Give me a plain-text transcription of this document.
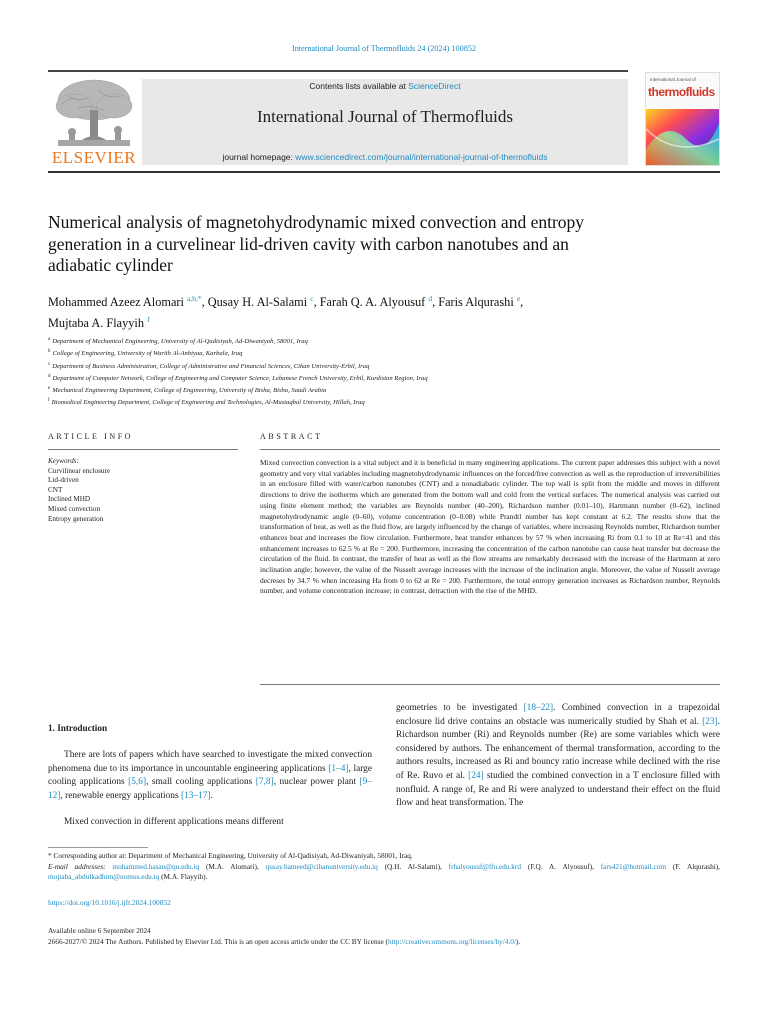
International Journal of Thermofluids 24 (2024) 100852
ELSEVIER
Contents lists available at ScienceDirect
International Journal of Thermofluids
journal homepage: www.sciencedirect.com/journal/international-journal-of-thermofluids
International Journal of
thermofluids
Numerical analysis of magnetohydrodynamic mixed convection and entropy generation in a curvelinear lid-driven cavity with carbon nanotubes and an adiabatic cylinder
Mohammed Azeez Alomari $^{a,b,*}$, Qusay H. Al-Salami $^c$, Farah Q. A. Alyousuf $^d$, Faris Alqurashi $^e$,
Mujtaba A. Flayyih $^f$
$^a$ Department of Mechanical Engineering, University of Al-Qadisiyah, Ad-Diwaniyah, 58001, Iraq
$^b$ College of Engineering, University of Warith Al-Anbiyaa, Karbala, Iraq
$^c$ Department of Business Administration, College of Administrative and Financial Sciences, Cihan University-Erbil, Iraq
$^d$ Department of Computer Network, College of Engineering and Computer Science, Lebanese French University, Erbil, Kurdistan Region, Iraq
$^e$ Mechanical Engineering Department, College of Engineering, University of Bisha, Bisha, Saudi Arabia
$^f$ Biomedical Engineering Department, College of Engineering and Technologies, Al-Mustaqbal University, Hillah, Iraq
ARTICLE INFO	ABSTRACT
Keywords:
Curvilinear enclosure
Lid-driven
CNT
Inclined MHD
Mixed convection
Entropy generation
Mixed convection convection is a vital subject and it is beneficial in many engineering applications. The current paper addresses this subject with a novel geometry and very vital variables including magnetohydrodynamic influences on the forced/free convection as well as the reproduction of irreversibilities in an enclosure filled with water/carbon nanotubes (CNT) and a nonadiabatic cylinder. The top wall is split from the middle and moves in different directions to drive the isotherms which are generated from the bottom wall and cold from the vertical surfaces. The numerical analysis was carried out using finite element method; the variables are Reynolds number (40–200), Richardson number (0.01–10), Hartmann number (0–62), inclined magnetohydrodynamic angle (0–60), volume concentration (0–0.08) while Prandtl number has kept constant at 6.2. The results show that the transformation of heat, as well as the fluid flow, are largely influenced by the change of variables, where increasing Reynolds number, Richardson number enhances heat and increases the flow circulation. Furthermore, heat transfer enhances by 57 % when increasing Ri from 0.1 to 10 at Re=41 and this enhancement increases to 62.5 % at Re = 200. Furthermore, increasing the concentration of the carbon nanotube can cause heat transfer but decrease the circulation of the fluid. In contrast, the transfer of heat as well as the flow streams are remarkably decreased with the increase of the Hartmann at zero inclination angle; however, the value of the Nusselt average increases with the increase of the inclination angle. Moreover, the value of Nusselt average decreses by 34.7 % when increasing Ha from 0 to 62 at Re = 200. Furthermore, the total entropy generation increases as Richardson number, Reynolds number, and volume concentration increase; in contrast, detraction with the rise of the MHD.
1. Introduction
There are lots of papers which have searched to investigate the mixed convection phenomena due to its importance in uncountable engineering applications [1–4], large cooling applications [5,6], small cooling applications [7,8], nuclear power plant [9–12], renewable energy applications [13–17].
Mixed convection in different applications means different
geometries to be investigated [18–22]. Combined convection in a trapezoidal enclosure lid drive contains an obstacle was numerically studied by Shah et al. [23]. Richardson number (Ri) and Reynolds number (Re) are some variables which were considered by authors. The enhancement of thermal transformation, according to the authors results, increased as Ri and bouncy ratio increase while declined with the rise of Re. Ruvo et al. [24] studied the combined convection in a T enclosure filled with nonfluid. A range of, Re and Ri were analyzed to understand their effect on the fluid flow and heat transformation. The
* Corresponding author at: Department of Mechanical Engineering, University of Al-Qadisiyah, Ad-Diwaniyah, 58001, Iraq.
E-mail addresses: mohammed.hasan@qu.edu.iq (M.A. Alomari), qusay.hameed@cihanuniversity.edu.iq (Q.H. Al-Salami), frhalyousuf@lfu.edu.krd (F.Q. A. Alyousuf), fars421@hotmail.com (F. Alqurashi), mujtaba_abdulkadhim@uomus.edu.iq (M.A. Flayyih).
https://doi.org/10.1016/j.ijft.2024.100852
Available online 6 September 2024
2666-2027/© 2024 The Authors. Published by Elsevier Ltd. This is an open access article under the CC BY license (http://creativecommons.org/licenses/by/4.0/).
